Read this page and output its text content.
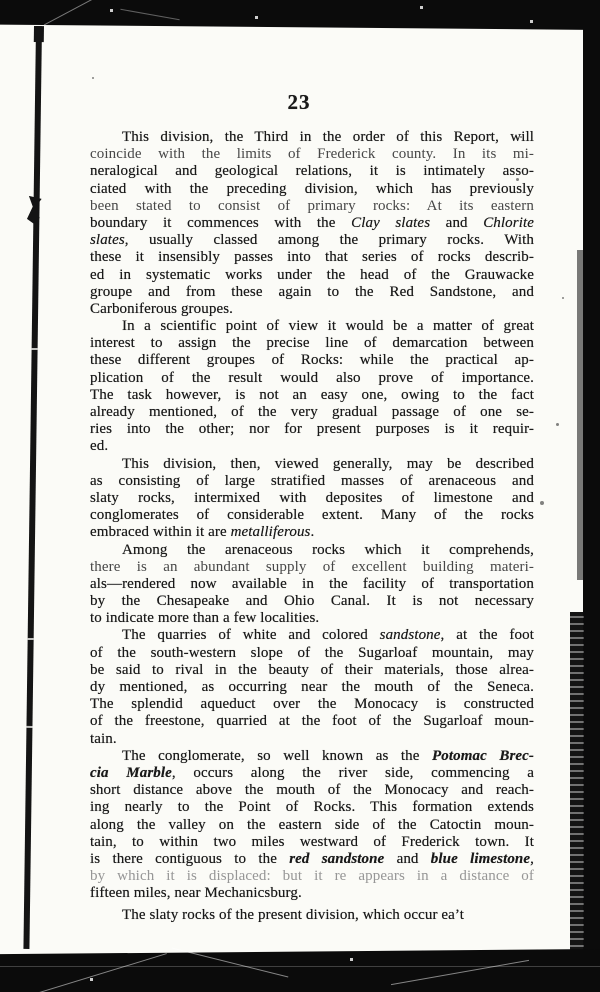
23
This division, the Third in the order of this Report, will
coincide with the limits of Frederick county. In its mi-
neralogical and geological relations, it is intimately asso-
ciated with the preceding division, which has previously
been stated to consist of primary rocks: At its eastern
boundary it commences with the Clay slates and Chlorite
slates, usually classed among the primary rocks. With
these it insensibly passes into that series of rocks describ-
ed in systematic works under the head of the Grauwacke
groupe and from these again to the Red Sandstone, and
Carboniferous groupes.
In a scientific point of view it would be a matter of great
interest to assign the precise line of demarcation between
these different groupes of Rocks: while the practical ap-
plication of the result would also prove of importance.
The task however, is not an easy one, owing to the fact
already mentioned, of the very gradual passage of one se-
ries into the other; nor for present purposes is it requir-
ed.
This division, then, viewed generally, may be described
as consisting of large stratified masses of arenaceous and
slaty rocks, intermixed with deposites of limestone and
conglomerates of considerable extent. Many of the rocks
embraced within it are metalliferous.
Among the arenaceous rocks which it comprehends,
there is an abundant supply of excellent building materi-
als—rendered now available in the facility of transportation
by the Chesapeake and Ohio Canal. It is not necessary
to indicate more than a few localities.
The quarries of white and colored sandstone, at the foot
of the south-western slope of the Sugarloaf mountain, may
be said to rival in the beauty of their materials, those alrea-
dy mentioned, as occurring near the mouth of the Seneca.
The splendid aqueduct over the Monocacy is constructed
of the freestone, quarried at the foot of the Sugarloaf moun-
tain.
The conglomerate, so well known as the Potomac Brec-
cia Marble, occurs along the river side, commencing a
short distance above the mouth of the Monocacy and reach-
ing nearly to the Point of Rocks. This formation extends
along the valley on the eastern side of the Catoctin moun-
tain, to within two miles westward of Frederick town. It
is there contiguous to the red sandstone and blue limestone,
by which it is displaced: but it re appears in a distance of
fifteen miles, near Mechanicsburg.
The slaty rocks of the present division, which occur ea’t
